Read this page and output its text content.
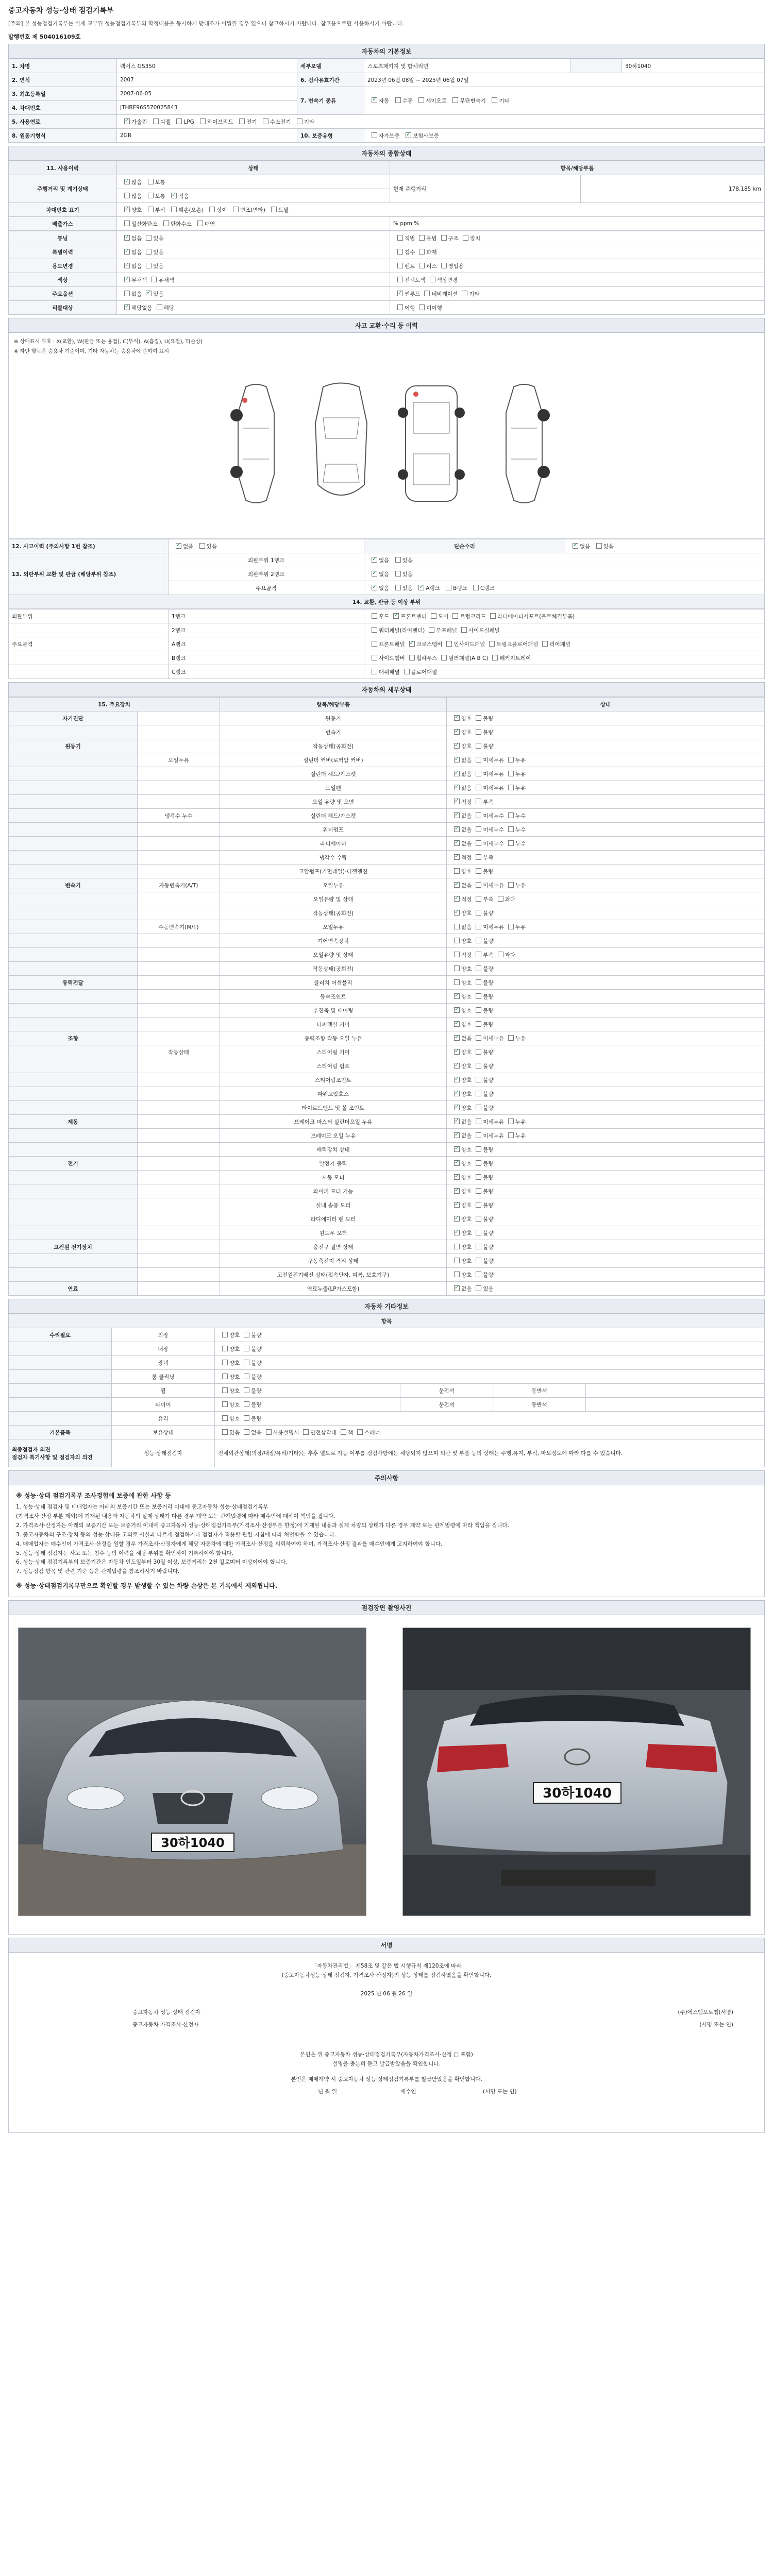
중고자동차 성능·상태 점검기록부
[주의] 본 성능점검기록부는 실제 교부된 성능점검기록부의 확정내용을 동시하게 맞대조가 이뤄질 경우 있으니 참고하시기 바랍니다. 참고용으로만 사용하시기 바랍니다.
발행번호 제 504016109호
자동차의 기본정보
1. 차명	렉서스 GS350	세부모델	스포츠패키지 및 합체리면		30하1040
2. 연식	2007	6. 검사유효기간	2023년 06월 08일 ~ 2025년 06월 07일		
3. 최초등록일	2007-06-05	7. 변속기 종류	✓자동 수동 세미오토 무단변속기 기타
4. 차대번호	JTHBE96S570025843				
5. 사용연료	✓가솔린 디젤 LPG 하이브리드 전기 수소전기 기타
8. 원동기형식	2GR	10. 보증유형	자가보증 ✓ 보험사보증
자동차의 종합상태
11. 사용이력	상태	항목/해당부품	
주행거리 및 계기상태	✓많음 보통	현재 주행거리	178,185 km
	많음 보통 ✓ 적음
차대번호 표기	✓양호 부식 훼손(오손) 상이 변조(변타) 도말
배출가스	일산화탄소 탄화수소 매연	% ppm %	
튜닝	✓없음 있음	적법 불법 구조 장치
특별이력	✓없음 있음	침수 화재
용도변경	✓없음 있음	렌트 리스 영업용
색상	✓무채색 유채색	전체도색 색상변경
주요옵션	없음 ✓ 있음	✓썬루프 네비게이션 기타
리콜대상	✓해당없음 해당	이행 미이행
사고 교환·수리 등 이력
※ 상태표시 부호 : X(교환), W(판금 또는 용접), C(부식), A(흠집), U(요철), T(손상)
※ 하단 항목은 승용차 기준이며, 기타 자동차는 승용차에 준하여 표시
12. 사고이력 (주의사항 1번 참조)	✓없음 있음	단순수리	✓없음 있음
13. 외판부위 교환 및 판금 (해당부위 참조)	외판부위 1랭크	✓없음 있음
	외판부위 2랭크	✓없음 있음
	주요골격	✓없음 있음 ✓ A랭크 B랭크 C랭크
14. 교환, 판금 등 이상 부위			
외판부위	1랭크	후드 ✓ 프론트펜더 도어 트렁크리드 라디에이터서포트(볼트체결부품)
	2랭크	쿼터패널(리어펜더) 루프패널 사이드실패널
주요골격	A랭크	프론트패널 ✓ 크로스멤버 인사이드패널 트렁크플로어패널 리어패널
	B랭크	사이드멤버 휠하우스 필러패널(A B C) 패키지트레이
	C랭크	대쉬패널 플로어패널
자동차의 세부상태
15. 주요장치		항목/해당부품	상태
자기진단		원동기	✓양호 불량
		변속기	✓양호 불량
원동기		작동상태(공회전)	✓양호 불량
	오일누유	실린더 커버(로커암 커버)	✓없음 미세누유 누유
		실린더 헤드/가스켓	✓없음 미세누유 누유
		오일팬	✓없음 미세누유 누유
		오일 유량 및 오염	✓적정 부족
	냉각수 누수	실린더 헤드/가스켓	✓없음 미세누수 누수
		워터펌프	✓없음 미세누수 누수
		라디에이터	✓없음 미세누수 누수
		냉각수 수량	✓적정 부족
		고압펌프(커먼레일)-디젤엔진	양호 불량
변속기	자동변속기(A/T)	오일누유	✓없음 미세누유 누유
		오일유량 및 상태	✓적정 부족 과다
		작동상태(공회전)	✓양호 불량
	수동변속기(M/T)	오일누유	없음 미세누유 누유
		기어변속장치	양호 불량
		오일유량 및 상태	적정 부족 과다
		작동상태(공회전)	양호 불량
동력전달		클러치 어셈블리	양호 불량
		등속조인트	✓양호 불량
		추진축 및 베어링	✓양호 불량
		디퍼렌셜 기어	✓양호 불량
조향		동력조향 작동 오일 누유	✓없음 미세누유 누유
	작동상태	스티어링 기어	✓양호 불량
		스티어링 펌프	✓양호 불량
		스티어링조인트	✓양호 불량
		파워고압호스	✓양호 불량
		타이로드엔드 및 볼 조인트	✓양호 불량
제동		브레이크 마스터 실린더오일 누유	✓없음 미세누유 누유
		브레이크 오일 누유	✓없음 미세누유 누유
		배력장치 상태	✓양호 불량
전기		발전기 출력	✓양호 불량
		시동 모터	✓양호 불량
		와이퍼 모터 기능	✓양호 불량
		실내 송풍 모터	✓양호 불량
		라디에이터 팬 모터	✓양호 불량
		윈도우 모터	✓양호 불량
고전원 전기장치		충전구 절연 상태	양호 불량
		구동축전지 격리 상태	양호 불량
		고전원전기배선 상태(접속단자, 피복, 보호기구)	양호 불량
연료		연료누출(LP가스포함)	✓없음 있음
자동차 기타정보
항목					
수리필요	외장	양호 불량			
	내장	양호 불량			
	광택	양호 불량			
	룸 클리닝	양호 불량			
	휠	양호 불량	운전석	동반석	
	타이어	양호 불량	운전석	동반석	
	유리	양호 불량			
기본품목	보유상태	있음 없음 사용설명서 안전삼각대 잭 스패너			
최종점검자 의견
점검자 특기사항 및 점검자의 의견	성능·상태점검자	전체외관상태(의장/내장/유리/기타)는 추후 별도로 가능 여부를 점검사항에는 해당되지 않으며 외관 및 부품 등의 상태는 주행,유지, 부식, 마모정도에 따라 다를 수 있습니다.			
주의사항
※ 성능·상태 점검기록부 조사경험에 보증에 관한 사항 등
1. 성능·상태 점검자 및 매매업자는 아래의 보증기간 또는 보증거리 이내에 중고자동차 성능·상태점검기록부
(가격조사·산정 부분 제외)에 기재된 내용과 자동차의 실제 상태가 다른 경우 계약 또는 관계법령에 따라 매수인에 대하여 책임을 집니다.
2. 가격조사·산정자는 아래의 보증기간 또는 보증거리 이내에 중고자동차 성능·상태점검기록부(가격조사·산정부분 한정)에 기재된 내용과 실제 차량의 상태가 다른 경우 계약 또는 관계법령에 따라 책임을 집니다.
3. 중고자동차의 구조·장치 등의 성능·상태를 고의로 사실과 다르게 점검하거나 점검자가 적용할 관련 지침에 따라 처벌받을 수 있습니다.
4. 매매업자는 매수인이 가격조사·산정을 원할 경우 가격조사·산정자에게 해당 자동차에 대한 가격조사·산정을 의뢰하여야 하며, 가격조사·산정 결과를 매수인에게 고지하여야 합니다.
5. 성능·상태 점검자는 사고 또는 침수 등의 이력을 해당 부위를 확인하여 기록하여야 합니다.
6. 성능·상태 점검기록부의 보증기간은 자동차 인도일부터 30일 이상, 보증거리는 2천 킬로미터 이상이어야 합니다.
7. 성능점검 항목 및 관련 기준 등은 관계법령을 참조하시기 바랍니다.
※ 성능·상태점검기록부만으로 확인할 경우 발생할 수 있는 차량 손상은 본 기록에서 제외됩니다.
점검장면 촬영사진
30하1040
30하1040
서명
「자동차관리법」 제58조 및 같은 법 시행규칙 제120조에 따라
(중고자동차성능·상태 점검자, 가격조사·산정자)의 성능·상태를 점검하였음을 확인합니다.
2025 년 06 월 26 일
중고자동차 성능·상태 점검자	(주)에스엠오토엠(서명)
중고자동차 가격조사·산정자	(서명 또는 인)
본인은 위 중고자동차 성능·상태점검기록부(자동차가격조사·산정 □ 포함)
설명을 충분히 듣고 발급받았음을 확인합니다.
본인은 매매계약 시 중고자동차 성능·상태점검기록부를 발급받았음을 확인합니다.
년 월 일	매수인	(서명 또는 인)
